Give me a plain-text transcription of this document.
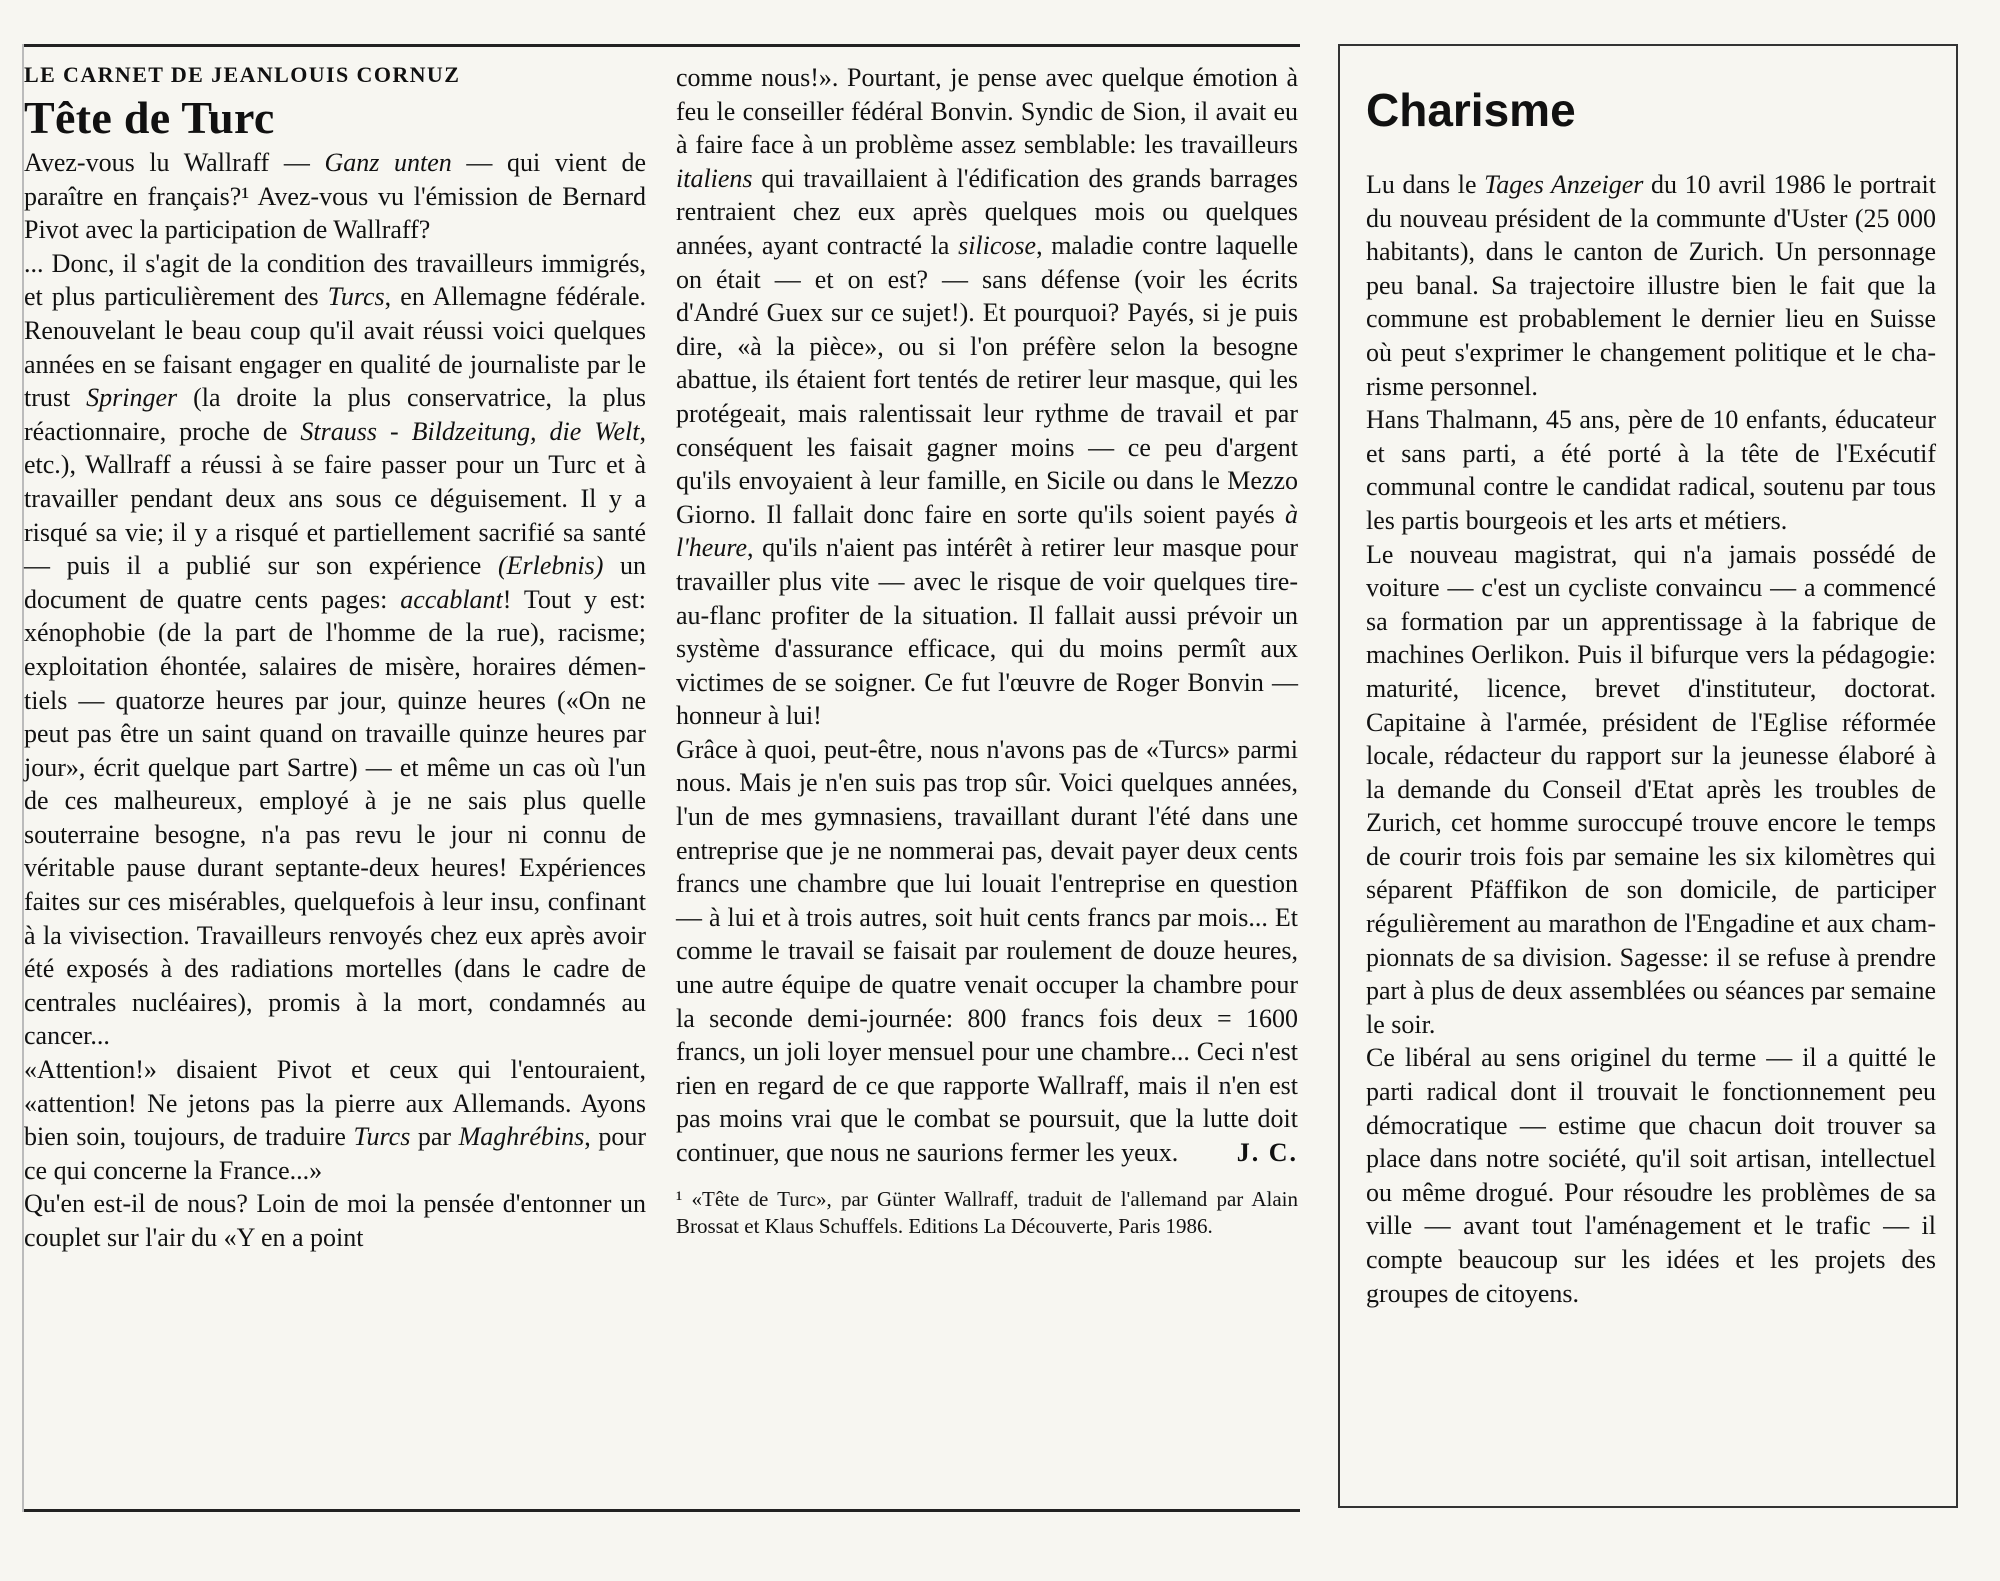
LE CARNET DE JEANLOUIS CORNUZ

Tête de Turc

Avez-vous lu Wallraff — Ganz unten — qui vient de paraître en français?¹ Avez-vous vu l'émission de Bernard Pivot avec la participation de Wallraff?

... Donc, il s'agit de la condition des travailleurs immigrés, et plus particulièrement des Turcs, en Allemagne fédérale. Renouvelant le beau coup qu'il avait réussi voici quelques années en se faisant engager en qualité de journaliste par le trust Springer (la droite la plus conservatrice, la plus réactionnaire, proche de Strauss - Bildzeitung, die Welt, etc.), Wallraff a réussi à se faire passer pour un Turc et à travailler pendant deux ans sous ce déguisement. Il y a risqué sa vie; il y a risqué et partiellement sacrifié sa santé — puis il a publié sur son expérience (Erlebnis) un document de quatre cents pages: accablant! Tout y est: xénophobie (de la part de l'homme de la rue), racisme; exploitation éhontée, salaires de misère, horaires démentiels — quatorze heures par jour, quinze heures («On ne peut pas être un saint quand on travaille quinze heures par jour», écrit quelque part Sartre) — et même un cas où l'un de ces malheureux, employé à je ne sais plus quelle souterraine besogne, n'a pas revu le jour ni connu de véritable pause durant septante-deux heures! Expériences faites sur ces misérables, quelquefois à leur insu, confinant à la vivisection. Travailleurs renvoyés chez eux après avoir été exposés à des radiations mortelles (dans le cadre de centrales nucléaires), promis à la mort, condamnés au cancer...

«Attention!» disaient Pivot et ceux qui l'entouraient, «attention! Ne jetons pas la pierre aux Allemands. Ayons bien soin, toujours, de traduire Turcs par Maghrébins, pour ce qui concerne la France...»

Qu'en est-il de nous? Loin de moi la pensée d'entonner un couplet sur l'air du «Y en a point

comme nous!». Pourtant, je pense avec quelque émotion à feu le conseiller fédéral Bonvin. Syndic de Sion, il avait eu à faire face à un problème assez semblable: les travailleurs italiens qui travaillaient à l'édification des grands barrages rentraient chez eux après quelques mois ou quelques années, ayant contracté la silicose, maladie contre laquelle on était — et on est? — sans défense (voir les écrits d'André Guex sur ce sujet!). Et pourquoi? Payés, si je puis dire, «à la pièce», ou si l'on préfère selon la besogne abattue, ils étaient fort tentés de retirer leur masque, qui les protégeait, mais ralentissait leur rythme de travail et par conséquent les faisait gagner moins — ce peu d'argent qu'ils envoyaient à leur famille, en Sicile ou dans le Mezzo Giorno. Il fallait donc faire en sorte qu'ils soient payés à l'heure, qu'ils n'aient pas intérêt à retirer leur masque pour travailler plus vite — avec le risque de voir quelques tire-au-flanc profiter de la situation. Il fallait aussi prévoir un système d'assurance efficace, qui du moins permît aux victimes de se soigner. Ce fut l'œuvre de Roger Bonvin — honneur à lui!

Grâce à quoi, peut-être, nous n'avons pas de «Turcs» parmi nous. Mais je n'en suis pas trop sûr. Voici quelques années, l'un de mes gymnasiens, travaillant durant l'été dans une entreprise que je ne nommerai pas, devait payer deux cents francs une chambre que lui louait l'entreprise en question — à lui et à trois autres, soit huit cents francs par mois... Et comme le travail se faisait par roulement de douze heures, une autre équipe de quatre venait occuper la chambre pour la seconde demi-journée: 800 francs fois deux = 1600 francs, un joli loyer mensuel pour une chambre... Ceci n'est rien en regard de ce que rapporte Wallraff, mais il n'en est pas moins vrai que le combat se poursuit, que la lutte doit continuer, que nous ne saurions fermer les yeux. J. C.

¹ «Tête de Turc», par Günter Wallraff, traduit de l'allemand par Alain Brossat et Klaus Schuffels. Editions La Découverte, Paris 1986.

Charisme

Lu dans le Tages Anzeiger du 10 avril 1986 le portrait du nouveau président de la communte d'Uster (25 000 habitants), dans le canton de Zurich. Un personnage peu banal. Sa trajectoire illustre bien le fait que la commune est probablement le dernier lieu en Suisse où peut s'exprimer le changement politique et le charisme personnel.

Hans Thalmann, 45 ans, père de 10 enfants, éducateur et sans parti, a été porté à la tête de l'Exécutif communal contre le candidat radical, soutenu par tous les partis bourgeois et les arts et métiers.

Le nouveau magistrat, qui n'a jamais possédé de voiture — c'est un cycliste convaincu — a commencé sa formation par un apprentissage à la fabrique de machines Oerlikon. Puis il bifurque vers la pédagogie: maturité, licence, brevet d'instituteur, doctorat. Capitaine à l'armée, président de l'Eglise réformée locale, rédacteur du rapport sur la jeunesse élaboré à la demande du Conseil d'Etat après les troubles de Zurich, cet homme suroccupé trouve encore le temps de courir trois fois par semaine les six kilomètres qui séparent Pfäffikon de son domicile, de participer régulièrement au marathon de l'Engadine et aux championnats de sa division. Sagesse: il se refuse à prendre part à plus de deux assemblées ou séances par semaine le soir.

Ce libéral au sens originel du terme — il a quitté le parti radical dont il trouvait le fonctionnement peu démocratique — estime que chacun doit trouver sa place dans notre société, qu'il soit artisan, intellectuel ou même drogué. Pour résoudre les problèmes de sa ville — avant tout l'aménagement et le trafic — il compte beaucoup sur les idées et les projets des groupes de citoyens.
